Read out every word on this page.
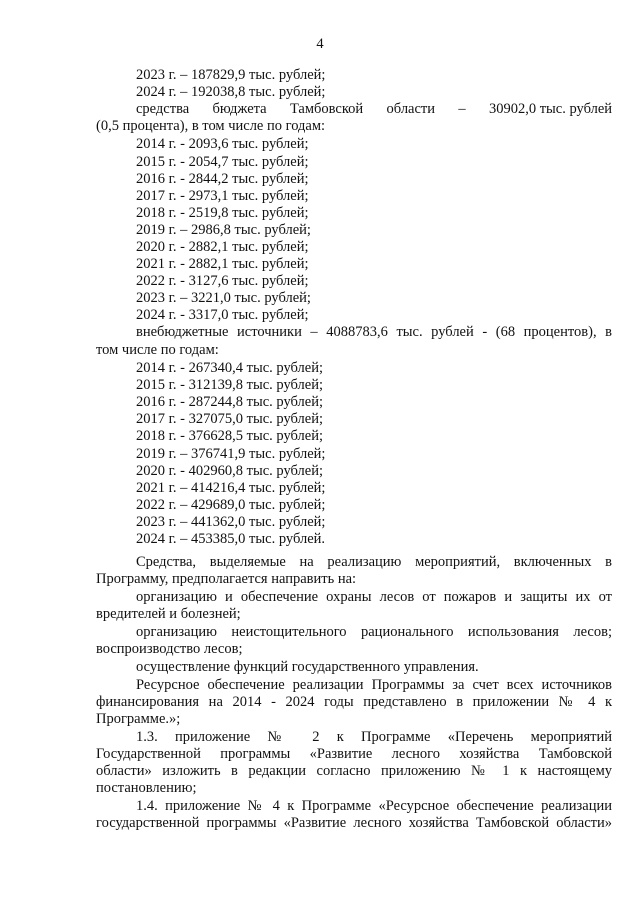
4
2023 г. – 187829,9 тыс. рублей;
2024 г. – 192038,8 тыс. рублей;
средства бюджета Тамбовской области – 30902,0 тыс. рублей
(0,5 процента), в том числе по годам:
2014 г. - 2093,6 тыс. рублей;
2015 г. - 2054,7 тыс. рублей;
2016 г. - 2844,2 тыс. рублей;
2017 г. - 2973,1 тыс. рублей;
2018 г. - 2519,8 тыс. рублей;
2019 г. – 2986,8 тыс. рублей;
2020 г. - 2882,1 тыс. рублей;
2021 г. - 2882,1 тыс. рублей;
2022 г. - 3127,6 тыс. рублей;
2023 г. – 3221,0 тыс. рублей;
2024 г. - 3317,0 тыс. рублей;
внебюджетные источники – 4088783,6 тыс. рублей - (68 процентов), в
том числе по годам:
2014 г. - 267340,4 тыс. рублей;
2015 г. - 312139,8 тыс. рублей;
2016 г. - 287244,8 тыс. рублей;
2017 г. - 327075,0 тыс. рублей;
2018 г. - 376628,5 тыс. рублей;
2019 г. – 376741,9 тыс. рублей;
2020 г. - 402960,8 тыс. рублей;
2021 г. – 414216,4 тыс. рублей;
2022 г. – 429689,0 тыс. рублей;
2023 г. – 441362,0 тыс. рублей;
2024 г. – 453385,0 тыс. рублей.
Средства, выделяемые на реализацию мероприятий, включенных в
Программу, предполагается направить на:
организацию и обеспечение охраны лесов от пожаров и защиты их от
вредителей и болезней;
организацию неистощительного рационального использования лесов;
воспроизводство лесов;
осуществление функций государственного управления.
Ресурсное обеспечение реализации Программы за счет всех источников
финансирования на 2014 - 2024 годы представлено в приложении № 4 к
Программе.»;
1.3. приложение № 2 к Программе «Перечень мероприятий
Государственной программы «Развитие лесного хозяйства Тамбовской
области» изложить в редакции согласно приложению № 1 к настоящему
постановлению;
1.4. приложение № 4 к Программе «Ресурсное обеспечение реализации
государственной программы «Развитие лесного хозяйства Тамбовской области»
